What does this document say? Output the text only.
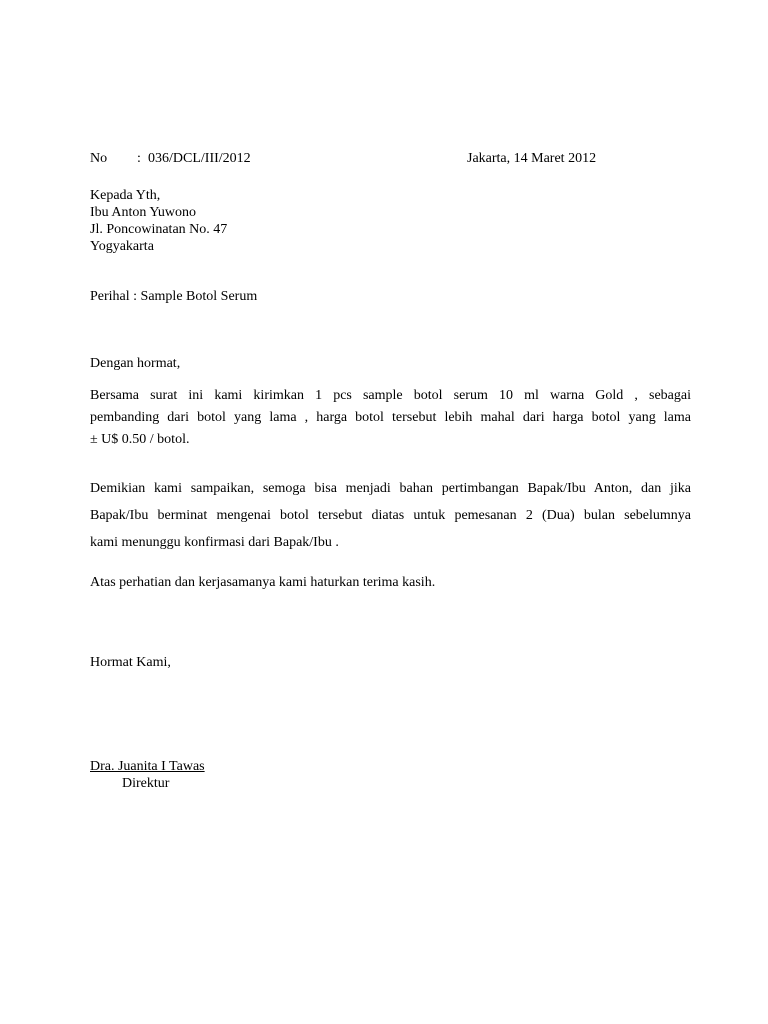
No : 036/DCL/III/2012	Jakarta, 14 Maret 2012
Kepada Yth,
Ibu Anton Yuwono
Jl. Poncowinatan No. 47
Yogyakarta
Perihal : Sample Botol Serum
Dengan hormat,
Bersama surat ini kami kirimkan 1 pcs sample botol serum 10 ml warna Gold , sebagai
pembanding dari botol yang lama , harga botol tersebut lebih mahal dari harga botol yang lama
± U$ 0.50 / botol.
Demikian kami sampaikan, semoga bisa menjadi bahan pertimbangan Bapak/Ibu Anton, dan jika
Bapak/Ibu berminat mengenai botol tersebut diatas untuk pemesanan 2 (Dua) bulan sebelumnya
kami menunggu konfirmasi dari Bapak/Ibu .
Atas perhatian dan kerjasamanya kami haturkan terima kasih.
Hormat Kami,
Dra. Juanita I Tawas
Direktur
